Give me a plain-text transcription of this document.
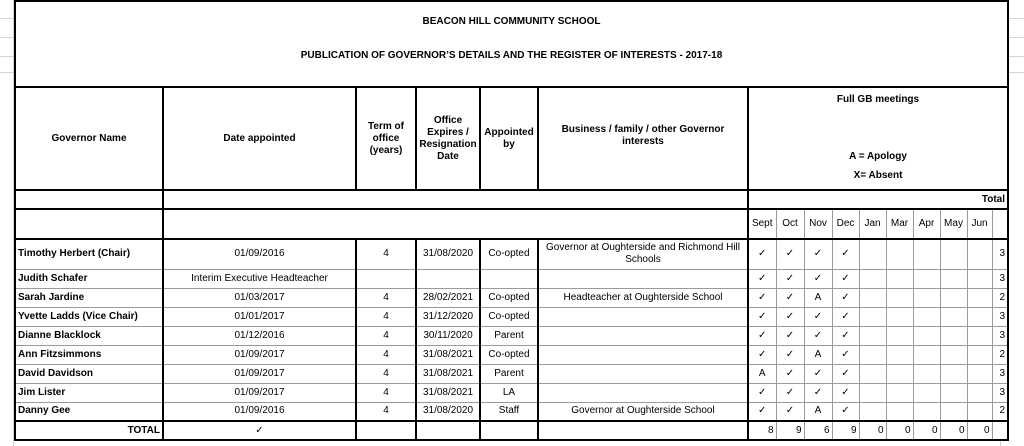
BEACON HILL COMMUNITY SCHOOL															
PUBLICATION OF GOVERNOR’S DETAILS AND THE REGISTER OF INTERESTS - 2017-18															
Governor Name	Date appointed	Term of office (years)	Office Expires / Resignation Date	Appointed by	Business / family / other Governor interests	Full GB meetings
A = Apology
X= Absent									

						Total									
						Sept	Oct	Nov	Dec	Jan	Mar	Apr	May	Jun	
Timothy Herbert (Chair)	01/09/2016	4	31/08/2020	Co-opted	Governor at Oughterside and Richmond Hill Schools	✓	✓	✓	✓						3
Judith Schafer	Interim Executive Headteacher					✓	✓	✓	✓						3
Sarah Jardine	01/03/2017	4	28/02/2021	Co-opted	Headteacher at Oughterside School	✓	✓	A	✓						2
Yvette Ladds (Vice Chair)	01/01/2017	4	31/12/2020	Co-opted		✓	✓	✓	✓						3
Dianne Blacklock	01/12/2016	4	30/11/2020	Parent		✓	✓	✓	✓						3
Ann Fitzsimmons	01/09/2017	4	31/08/2021	Co-opted		✓	✓	A	✓						2
David Davidson	01/09/2017	4	31/08/2021	Parent		A	✓	✓	✓						3
Jim Lister	01/09/2017	4	31/08/2021	LA		✓	✓	✓	✓						3
Danny Gee	01/09/2016	4	31/08/2020	Staff	Governor at Oughterside School	✓	✓	A	✓						2
TOTAL	✓					8	9	6	9	0	0	0	0	0	
